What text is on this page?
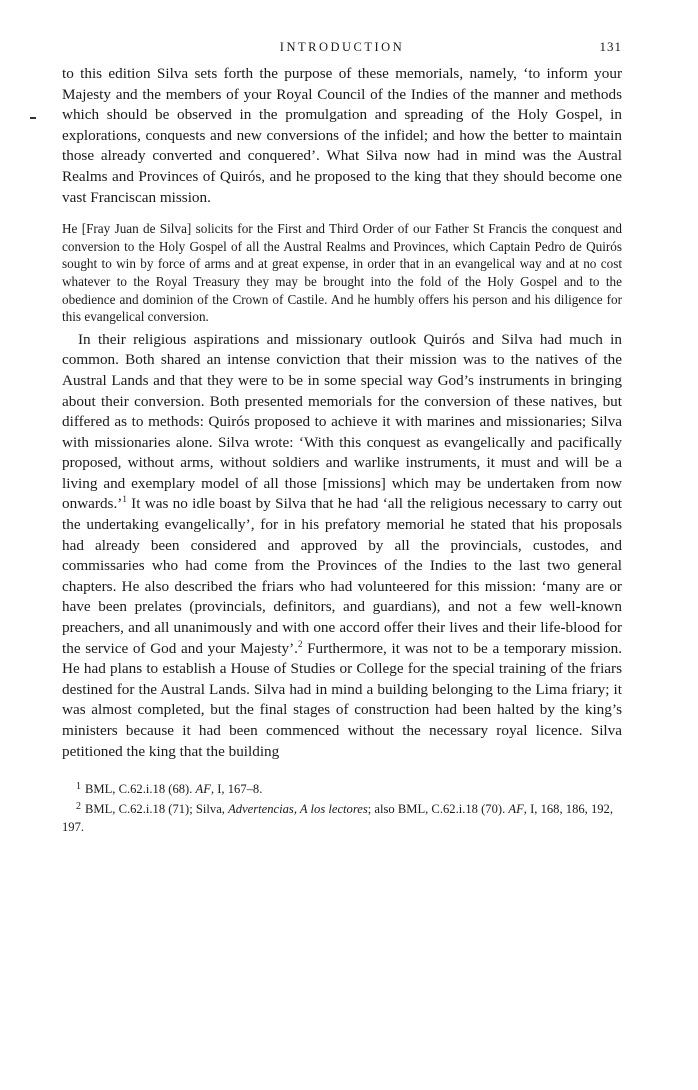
INTRODUCTION	131

to this edition Silva sets forth the purpose of these memorials, namely, ‘to inform your Majesty and the members of your Royal Council of the Indies of the manner and methods which should be observed in the promulgation and spreading of the Holy Gospel, in explorations, conquests and new conversions of the infidel; and how the better to maintain those already converted and conquered’. What Silva now had in mind was the Austral Realms and Provinces of Quirós, and he proposed to the king that they should become one vast Franciscan mission.

He [Fray Juan de Silva] solicits for the First and Third Order of our Father St Francis the conquest and conversion to the Holy Gospel of all the Austral Realms and Provinces, which Captain Pedro de Quirós sought to win by force of arms and at great expense, in order that in an evangelical way and at no cost whatever to the Royal Treasury they may be brought into the fold of the Holy Gospel and to the obedience and dominion of the Crown of Castile. And he humbly offers his person and his diligence for this evangelical conversion.

In their religious aspirations and missionary outlook Quirós and Silva had much in common. Both shared an intense conviction that their mission was to the natives of the Austral Lands and that they were to be in some special way God’s instruments in bringing about their conversion. Both presented memorials for the conversion of these natives, but differed as to methods: Quirós proposed to achieve it with marines and missionaries; Silva with missionaries alone. Silva wrote: ‘With this conquest as evangelically and pacifically proposed, without arms, without soldiers and warlike instruments, it must and will be a living and exemplary model of all those [missions] which may be undertaken from now onwards.’$^1$ It was no idle boast by Silva that he had ‘all the religious necessary to carry out the undertaking evangelically’, for in his prefatory memorial he stated that his proposals had already been considered and approved by all the provincials, custodes, and commissaries who had come from the Provinces of the Indies to the last two general chapters. He also described the friars who had volunteered for this mission: ‘many are or have been prelates (provincials, definitors, and guardians), and not a few well-known preachers, and all unanimously and with one accord offer their lives and their life-blood for the service of God and your Majesty’.$^2$ Furthermore, it was not to be a temporary mission. He had plans to establish a House of Studies or College for the special training of the friars destined for the Austral Lands. Silva had in mind a building belonging to the Lima friary; it was almost completed, but the final stages of construction had been halted by the king’s ministers because it had been commenced without the necessary royal licence. Silva petitioned the king that the building

$^1$ BML, C.62.i.18 (68). AF, I, 167–8.

$^2$ BML, C.62.i.18 (71); Silva, Advertencias, A los lectores; also BML, C.62.i.18 (70). AF, I, 168, 186, 192, 197.
